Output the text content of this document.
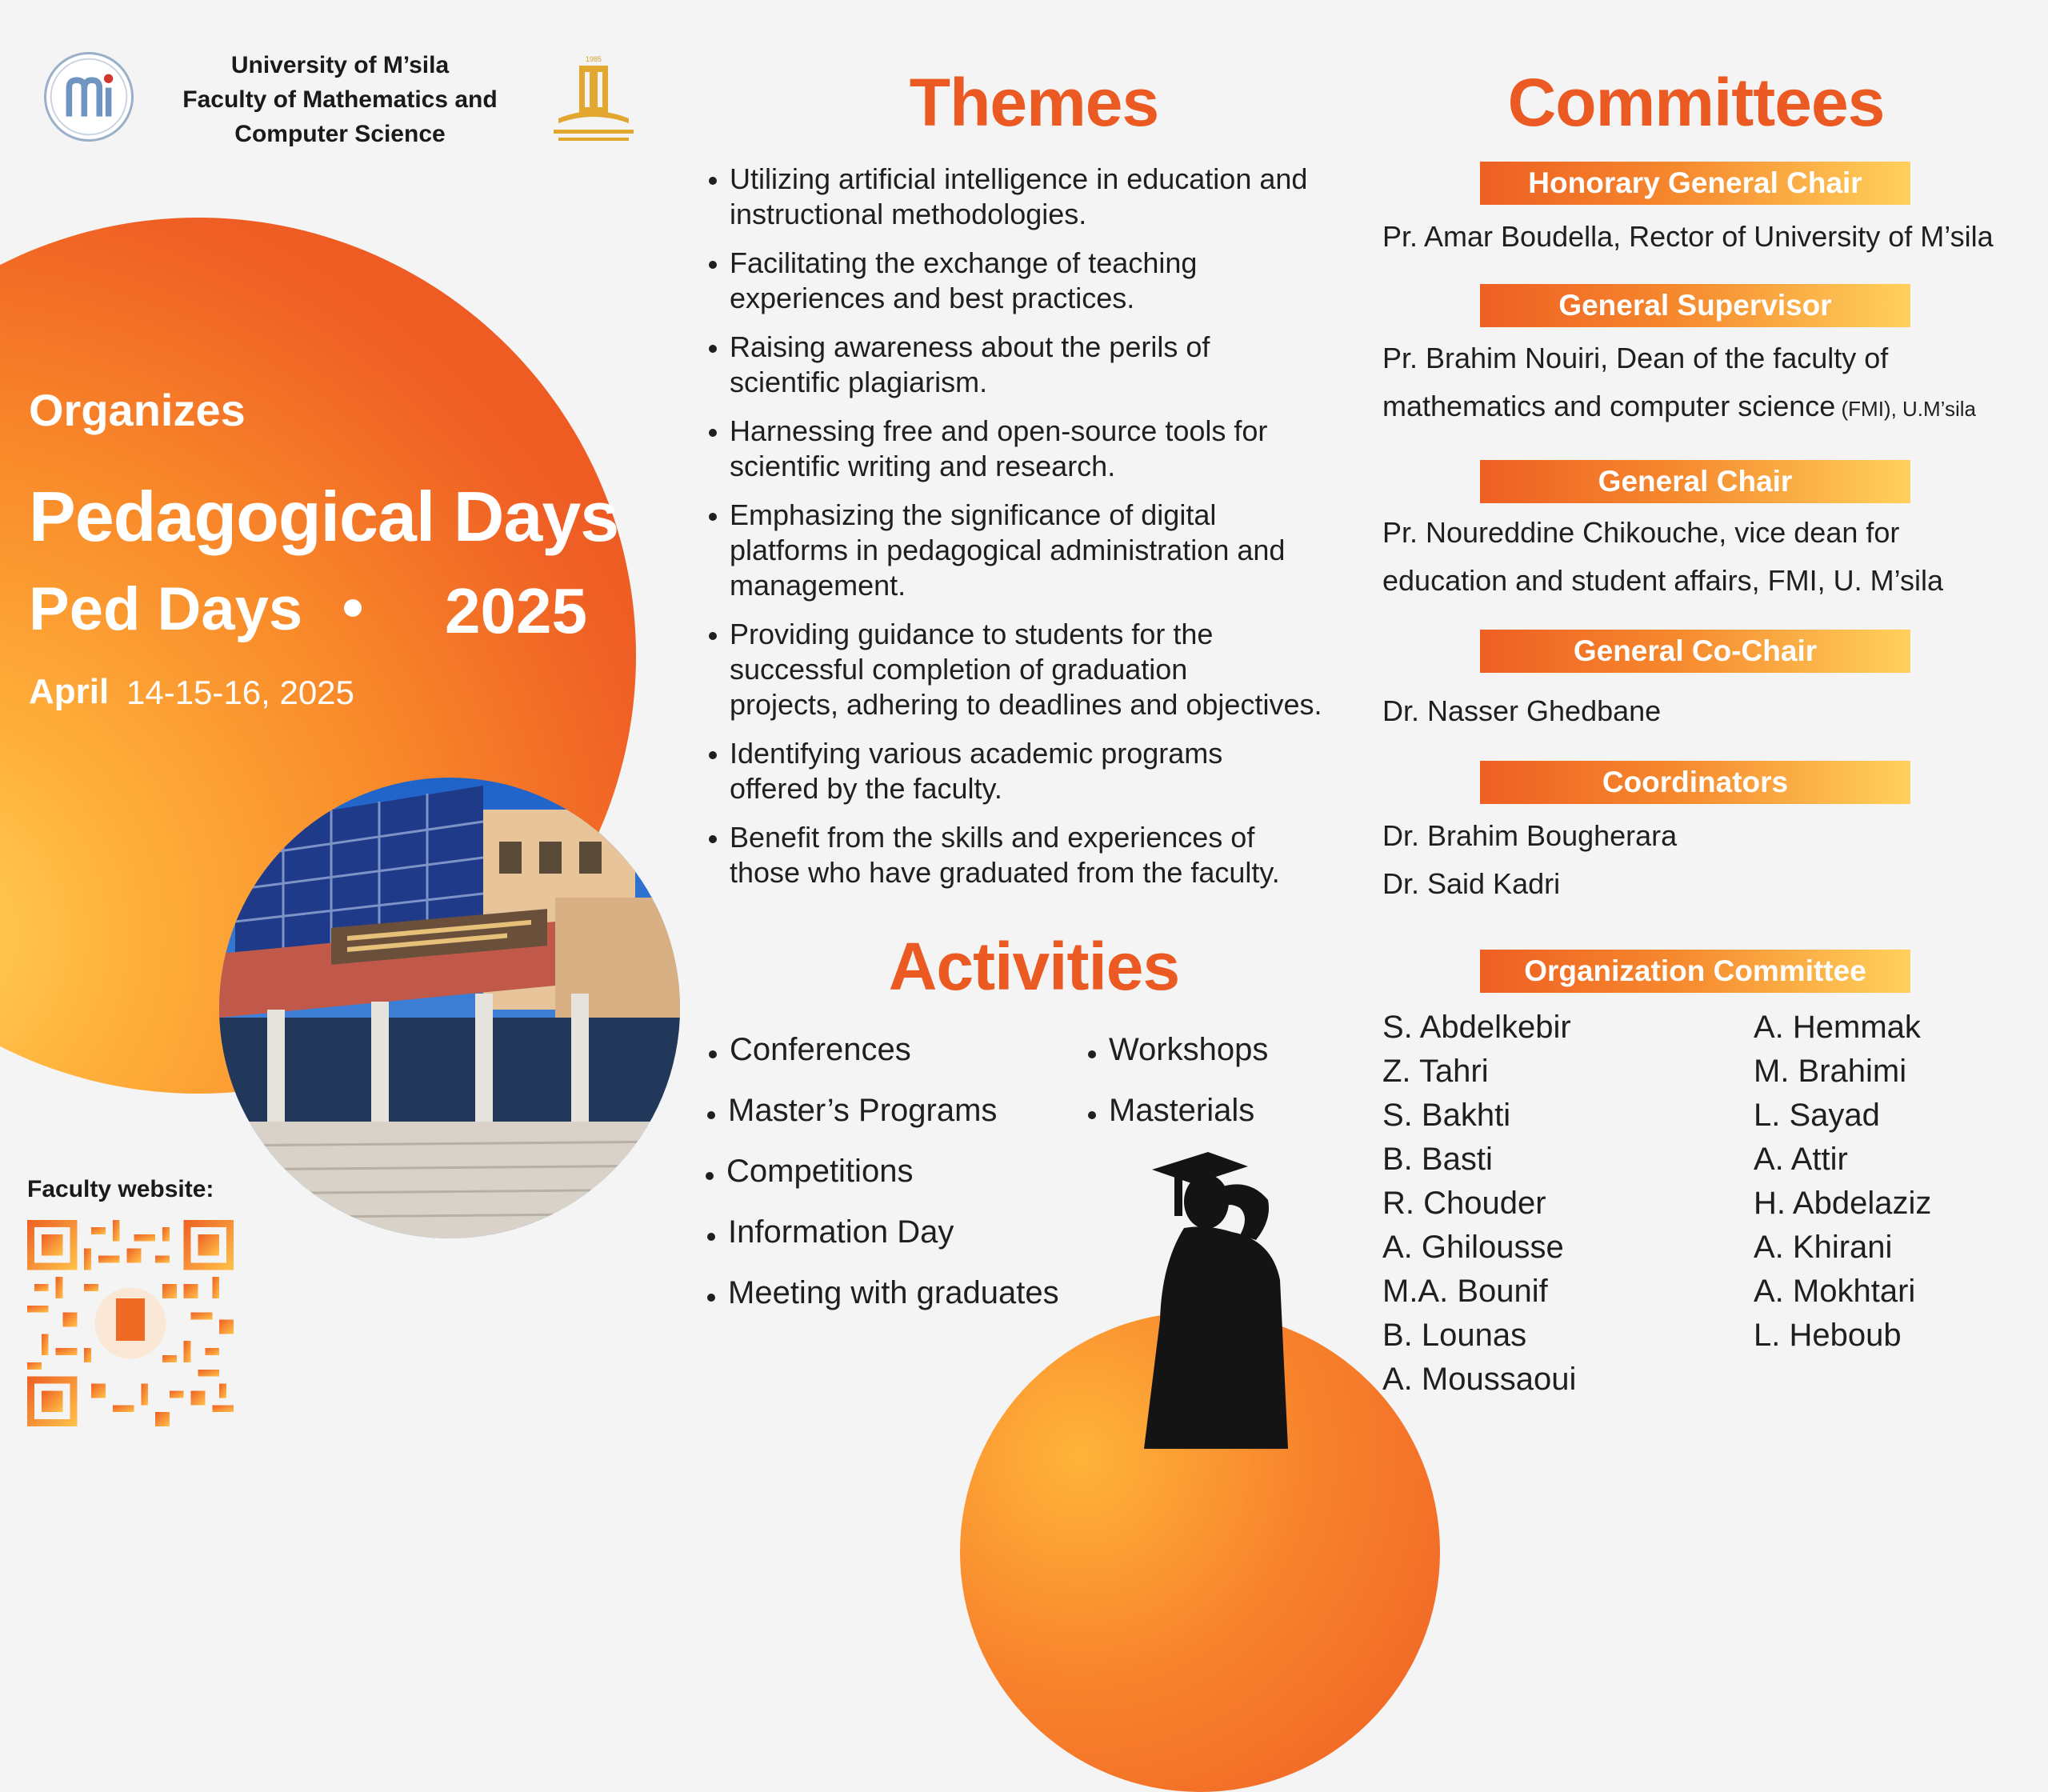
University of M’sila
Faculty of Mathematics and
Computer Science
1985
Organizes
Pedagogical Days
Ped Days 2025
April 14-15-16, 2025
Faculty website:
Themes
Utilizing artificial intelligence in education and
instructional methodologies.
Facilitating the exchange of teaching
experiences and best practices.
Raising awareness about the perils of
scientific plagiarism.
Harnessing free and open-source tools for
scientific writing and research.
Emphasizing the significance of digital
platforms in pedagogical administration and
management.
Providing guidance to students for the
successful completion of graduation
projects, adhering to deadlines and objectives.
Identifying various academic programs
offered by the faculty.
Benefit from the skills and experiences of
those who have graduated from the faculty.
Activities
Conferences
Master’s Programs
Competitions
Information Day
Meeting with graduates
Workshops
Masterials
Committees
Honorary General Chair
Pr. Amar Boudella, Rector of University of M’sila
General Supervisor
Pr. Brahim Nouiri, Dean of the faculty of
mathematics and computer science (FMI), U.M’sila
General Chair
Pr. Noureddine Chikouche, vice dean for
education and student affairs, FMI, U. M’sila
General Co-Chair
Dr. Nasser Ghedbane
Coordinators
Dr. Brahim Bougherara
Dr. Said Kadri
Organization Committee
S. Abdelkebir
Z. Tahri
S. Bakhti
B. Basti
R. Chouder
A. Ghilousse
M.A. Bounif
B. Lounas
A. Moussaoui
A. Hemmak
M. Brahimi
L. Sayad
A. Attir
H. Abdelaziz
A. Khirani
A. Mokhtari
L. Heboub
